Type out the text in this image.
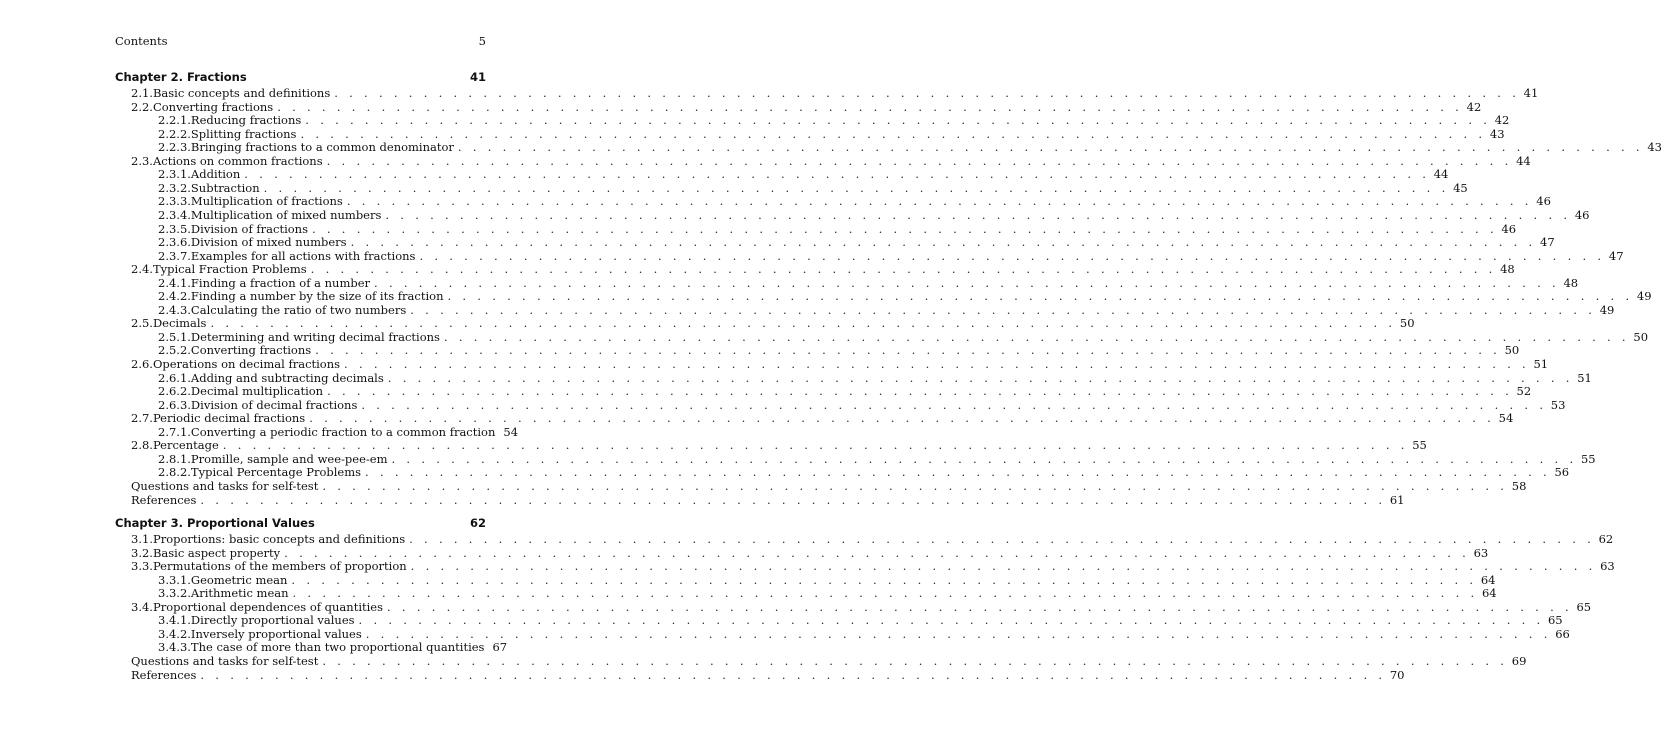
Contents	5
Chapter 2. Fractions	41
2.1. Basic concepts and definitions . . . . . . . . . . . . . . . . . . . . . . . . . . . . . . . . . . . . . . . . . . . . . . . . . . . . . . . . . . . . . . . . . . . . . . . . . . . . . . . . 41
2.2. Converting fractions . . . . . . . . . . . . . . . . . . . . . . . . . . . . . . . . . . . . . . . . . . . . . . . . . . . . . . . . . . . . . . . . . . . . . . . . . . . . . . . . 42
2.2.1. Reducing fractions . . . . . . . . . . . . . . . . . . . . . . . . . . . . . . . . . . . . . . . . . . . . . . . . . . . . . . . . . . . . . . . . . . . . . . . . . . . . . . . . 42
2.2.2. Splitting fractions . . . . . . . . . . . . . . . . . . . . . . . . . . . . . . . . . . . . . . . . . . . . . . . . . . . . . . . . . . . . . . . . . . . . . . . . . . . . . . . . 43
2.2.3. Bringing fractions to a common denominator . . . . . . . . . . . . . . . . . . . . . . . . . . . . . . . . . . . . . . . . . . . . . . . . . . . . . . . . . . . . . . . . . . . . . . . . . . . . . . . . 43
2.3. Actions on common fractions . . . . . . . . . . . . . . . . . . . . . . . . . . . . . . . . . . . . . . . . . . . . . . . . . . . . . . . . . . . . . . . . . . . . . . . . . . . . . . . . 44
2.3.1. Addition . . . . . . . . . . . . . . . . . . . . . . . . . . . . . . . . . . . . . . . . . . . . . . . . . . . . . . . . . . . . . . . . . . . . . . . . . . . . . . . . 44
2.3.2. Subtraction . . . . . . . . . . . . . . . . . . . . . . . . . . . . . . . . . . . . . . . . . . . . . . . . . . . . . . . . . . . . . . . . . . . . . . . . . . . . . . . . 45
2.3.3. Multiplication of fractions . . . . . . . . . . . . . . . . . . . . . . . . . . . . . . . . . . . . . . . . . . . . . . . . . . . . . . . . . . . . . . . . . . . . . . . . . . . . . . . . 46
2.3.4. Multiplication of mixed numbers . . . . . . . . . . . . . . . . . . . . . . . . . . . . . . . . . . . . . . . . . . . . . . . . . . . . . . . . . . . . . . . . . . . . . . . . . . . . . . . . 46
2.3.5. Division of fractions . . . . . . . . . . . . . . . . . . . . . . . . . . . . . . . . . . . . . . . . . . . . . . . . . . . . . . . . . . . . . . . . . . . . . . . . . . . . . . . . 46
2.3.6. Division of mixed numbers . . . . . . . . . . . . . . . . . . . . . . . . . . . . . . . . . . . . . . . . . . . . . . . . . . . . . . . . . . . . . . . . . . . . . . . . . . . . . . . . 47
2.3.7. Examples for all actions with fractions . . . . . . . . . . . . . . . . . . . . . . . . . . . . . . . . . . . . . . . . . . . . . . . . . . . . . . . . . . . . . . . . . . . . . . . . . . . . . . . . 47
2.4. Typical Fraction Problems . . . . . . . . . . . . . . . . . . . . . . . . . . . . . . . . . . . . . . . . . . . . . . . . . . . . . . . . . . . . . . . . . . . . . . . . . . . . . . . . 48
2.4.1. Finding a fraction of a number . . . . . . . . . . . . . . . . . . . . . . . . . . . . . . . . . . . . . . . . . . . . . . . . . . . . . . . . . . . . . . . . . . . . . . . . . . . . . . . . 48
2.4.2. Finding a number by the size of its fraction . . . . . . . . . . . . . . . . . . . . . . . . . . . . . . . . . . . . . . . . . . . . . . . . . . . . . . . . . . . . . . . . . . . . . . . . . . . . . . . . 49
2.4.3. Calculating the ratio of two numbers . . . . . . . . . . . . . . . . . . . . . . . . . . . . . . . . . . . . . . . . . . . . . . . . . . . . . . . . . . . . . . . . . . . . . . . . . . . . . . . . 49
2.5. Decimals . . . . . . . . . . . . . . . . . . . . . . . . . . . . . . . . . . . . . . . . . . . . . . . . . . . . . . . . . . . . . . . . . . . . . . . . . . . . . . . . 50
2.5.1. Determining and writing decimal fractions . . . . . . . . . . . . . . . . . . . . . . . . . . . . . . . . . . . . . . . . . . . . . . . . . . . . . . . . . . . . . . . . . . . . . . . . . . . . . . . . 50
2.5.2. Converting fractions . . . . . . . . . . . . . . . . . . . . . . . . . . . . . . . . . . . . . . . . . . . . . . . . . . . . . . . . . . . . . . . . . . . . . . . . . . . . . . . . 50
2.6. Operations on decimal fractions . . . . . . . . . . . . . . . . . . . . . . . . . . . . . . . . . . . . . . . . . . . . . . . . . . . . . . . . . . . . . . . . . . . . . . . . . . . . . . . . 51
2.6.1. Adding and subtracting decimals . . . . . . . . . . . . . . . . . . . . . . . . . . . . . . . . . . . . . . . . . . . . . . . . . . . . . . . . . . . . . . . . . . . . . . . . . . . . . . . . 51
2.6.2. Decimal multiplication . . . . . . . . . . . . . . . . . . . . . . . . . . . . . . . . . . . . . . . . . . . . . . . . . . . . . . . . . . . . . . . . . . . . . . . . . . . . . . . . 52
2.6.3. Division of decimal fractions . . . . . . . . . . . . . . . . . . . . . . . . . . . . . . . . . . . . . . . . . . . . . . . . . . . . . . . . . . . . . . . . . . . . . . . . . . . . . . . . 53
2.7. Periodic decimal fractions . . . . . . . . . . . . . . . . . . . . . . . . . . . . . . . . . . . . . . . . . . . . . . . . . . . . . . . . . . . . . . . . . . . . . . . . . . . . . . . . 54
2.7.1. Converting a periodic fraction to a common fraction 54
2.8. Percentage . . . . . . . . . . . . . . . . . . . . . . . . . . . . . . . . . . . . . . . . . . . . . . . . . . . . . . . . . . . . . . . . . . . . . . . . . . . . . . . . 55
2.8.1. Promille, sample and wee-pee-em . . . . . . . . . . . . . . . . . . . . . . . . . . . . . . . . . . . . . . . . . . . . . . . . . . . . . . . . . . . . . . . . . . . . . . . . . . . . . . . . 55
2.8.2. Typical Percentage Problems . . . . . . . . . . . . . . . . . . . . . . . . . . . . . . . . . . . . . . . . . . . . . . . . . . . . . . . . . . . . . . . . . . . . . . . . . . . . . . . . 56
Questions and tasks for self-test . . . . . . . . . . . . . . . . . . . . . . . . . . . . . . . . . . . . . . . . . . . . . . . . . . . . . . . . . . . . . . . . . . . . . . . . . . . . . . . . 58
References . . . . . . . . . . . . . . . . . . . . . . . . . . . . . . . . . . . . . . . . . . . . . . . . . . . . . . . . . . . . . . . . . . . . . . . . . . . . . . . . 61
Chapter 3. Proportional Values	62
3.1. Proportions: basic concepts and definitions . . . . . . . . . . . . . . . . . . . . . . . . . . . . . . . . . . . . . . . . . . . . . . . . . . . . . . . . . . . . . . . . . . . . . . . . . . . . . . . . 62
3.2. Basic aspect property . . . . . . . . . . . . . . . . . . . . . . . . . . . . . . . . . . . . . . . . . . . . . . . . . . . . . . . . . . . . . . . . . . . . . . . . . . . . . . . . 63
3.3. Permutations of the members of proportion . . . . . . . . . . . . . . . . . . . . . . . . . . . . . . . . . . . . . . . . . . . . . . . . . . . . . . . . . . . . . . . . . . . . . . . . . . . . . . . . 63
3.3.1. Geometric mean . . . . . . . . . . . . . . . . . . . . . . . . . . . . . . . . . . . . . . . . . . . . . . . . . . . . . . . . . . . . . . . . . . . . . . . . . . . . . . . . 64
3.3.2. Arithmetic mean . . . . . . . . . . . . . . . . . . . . . . . . . . . . . . . . . . . . . . . . . . . . . . . . . . . . . . . . . . . . . . . . . . . . . . . . . . . . . . . . 64
3.4. Proportional dependences of quantities . . . . . . . . . . . . . . . . . . . . . . . . . . . . . . . . . . . . . . . . . . . . . . . . . . . . . . . . . . . . . . . . . . . . . . . . . . . . . . . . 65
3.4.1. Directly proportional values . . . . . . . . . . . . . . . . . . . . . . . . . . . . . . . . . . . . . . . . . . . . . . . . . . . . . . . . . . . . . . . . . . . . . . . . . . . . . . . . 65
3.4.2. Inversely proportional values . . . . . . . . . . . . . . . . . . . . . . . . . . . . . . . . . . . . . . . . . . . . . . . . . . . . . . . . . . . . . . . . . . . . . . . . . . . . . . . . 66
3.4.3. The case of more than two proportional quantities 67
Questions and tasks for self-test . . . . . . . . . . . . . . . . . . . . . . . . . . . . . . . . . . . . . . . . . . . . . . . . . . . . . . . . . . . . . . . . . . . . . . . . . . . . . . . . 69
References . . . . . . . . . . . . . . . . . . . . . . . . . . . . . . . . . . . . . . . . . . . . . . . . . . . . . . . . . . . . . . . . . . . . . . . . . . . . . . . . 70
